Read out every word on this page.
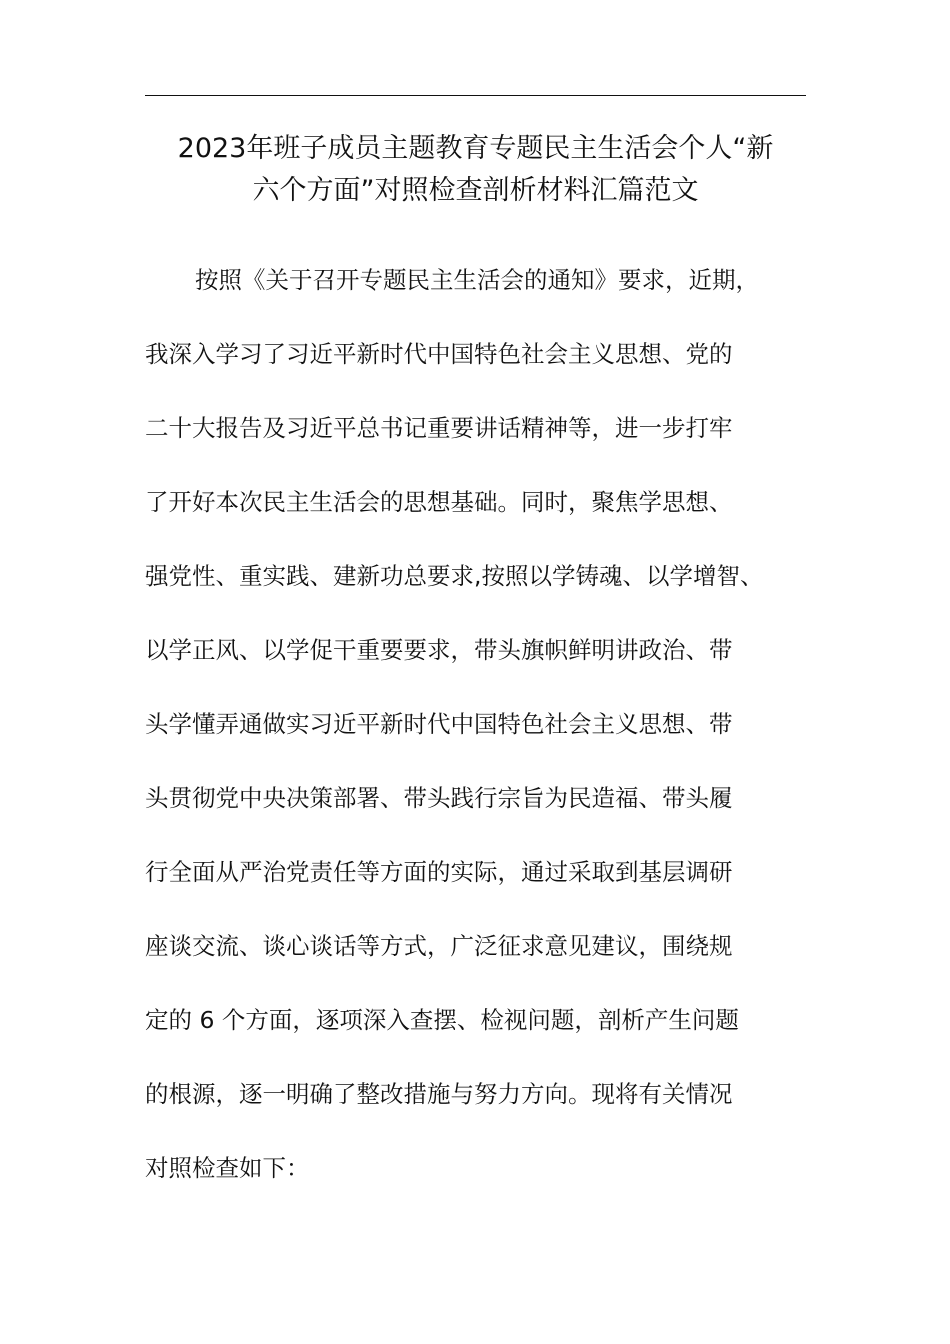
2023年班子成员主题教育专题民主生活会个人“新
六个方面”对照检查剖析材料汇篇范文
按照《关于召开专题民主生活会的通知》要求，近期，
我深入学习了习近平新时代中国特色社会主义思想、党的
二十大报告及习近平总书记重要讲话精神等，进一步打牢
了开好本次民主生活会的思想基础。同时，聚焦学思想、
强党性、重实践、建新功总要求,按照以学铸魂、以学增智、
以学正风、以学促干重要要求，带头旗帜鲜明讲政治、带
头学懂弄通做实习近平新时代中国特色社会主义思想、带
头贯彻党中央决策部署、带头践行宗旨为民造福、带头履
行全面从严治党责任等方面的实际，通过采取到基层调研
座谈交流、谈心谈话等方式，广泛征求意见建议，围绕规
定的 6 个方面，逐项深入查摆、检视问题，剖析产生问题
的根源，逐一明确了整改措施与努力方向。现将有关情况
对照检查如下：
